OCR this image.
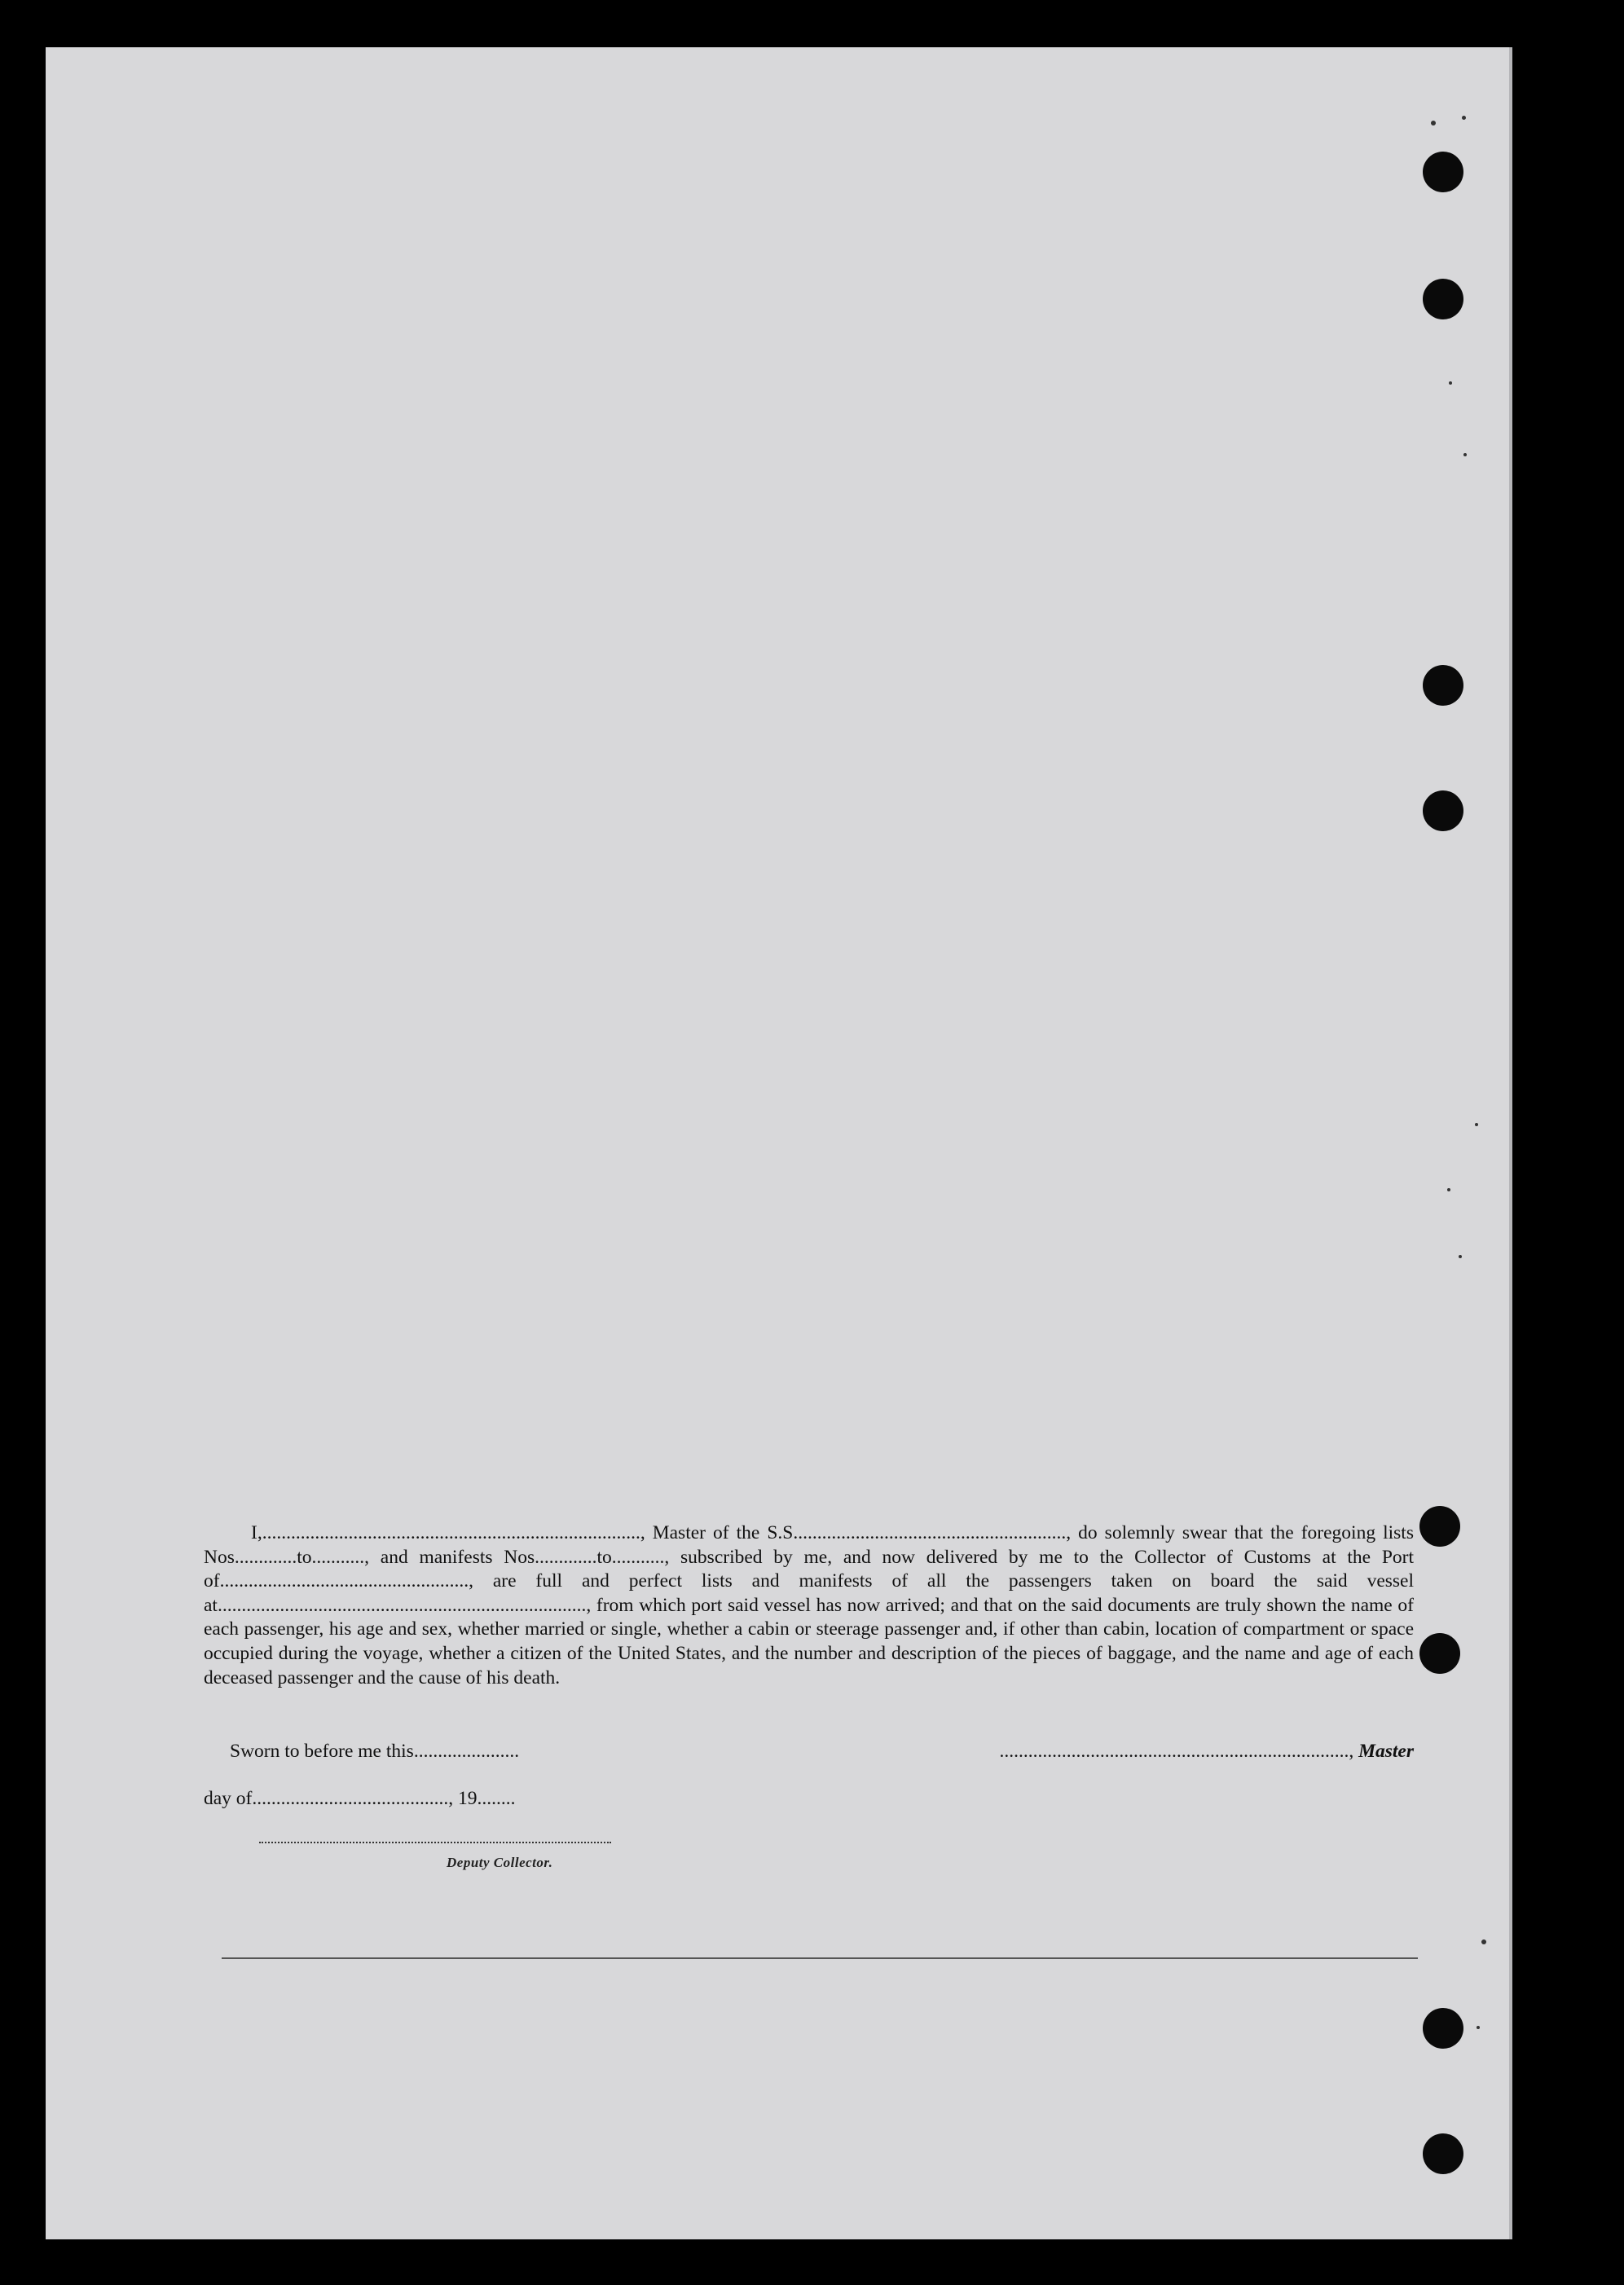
I,..............................................................................., Master of the S.S........................................................., do solemnly swear that the foregoing lists Nos.............to..........., and manifests Nos.............to..........., subscribed by me, and now delivered by me to the Collector of Customs at the Port of...................................................., are full and perfect lists and manifests of all the passengers taken on board the said vessel at............................................................................., from which port said vessel has now arrived; and that on the said documents are truly shown the name of each passenger, his age and sex, whether married or single, whether a cabin or steerage passenger and, if other than cabin, location of compartment or space occupied during the voyage, whether a citizen of the United States, and the number and description of the pieces of baggage, and the name and age of each deceased passenger and the cause of his death.

Sworn to before me this......................	........................................................................., Master
day of........................................., 19........
Deputy Collector.
